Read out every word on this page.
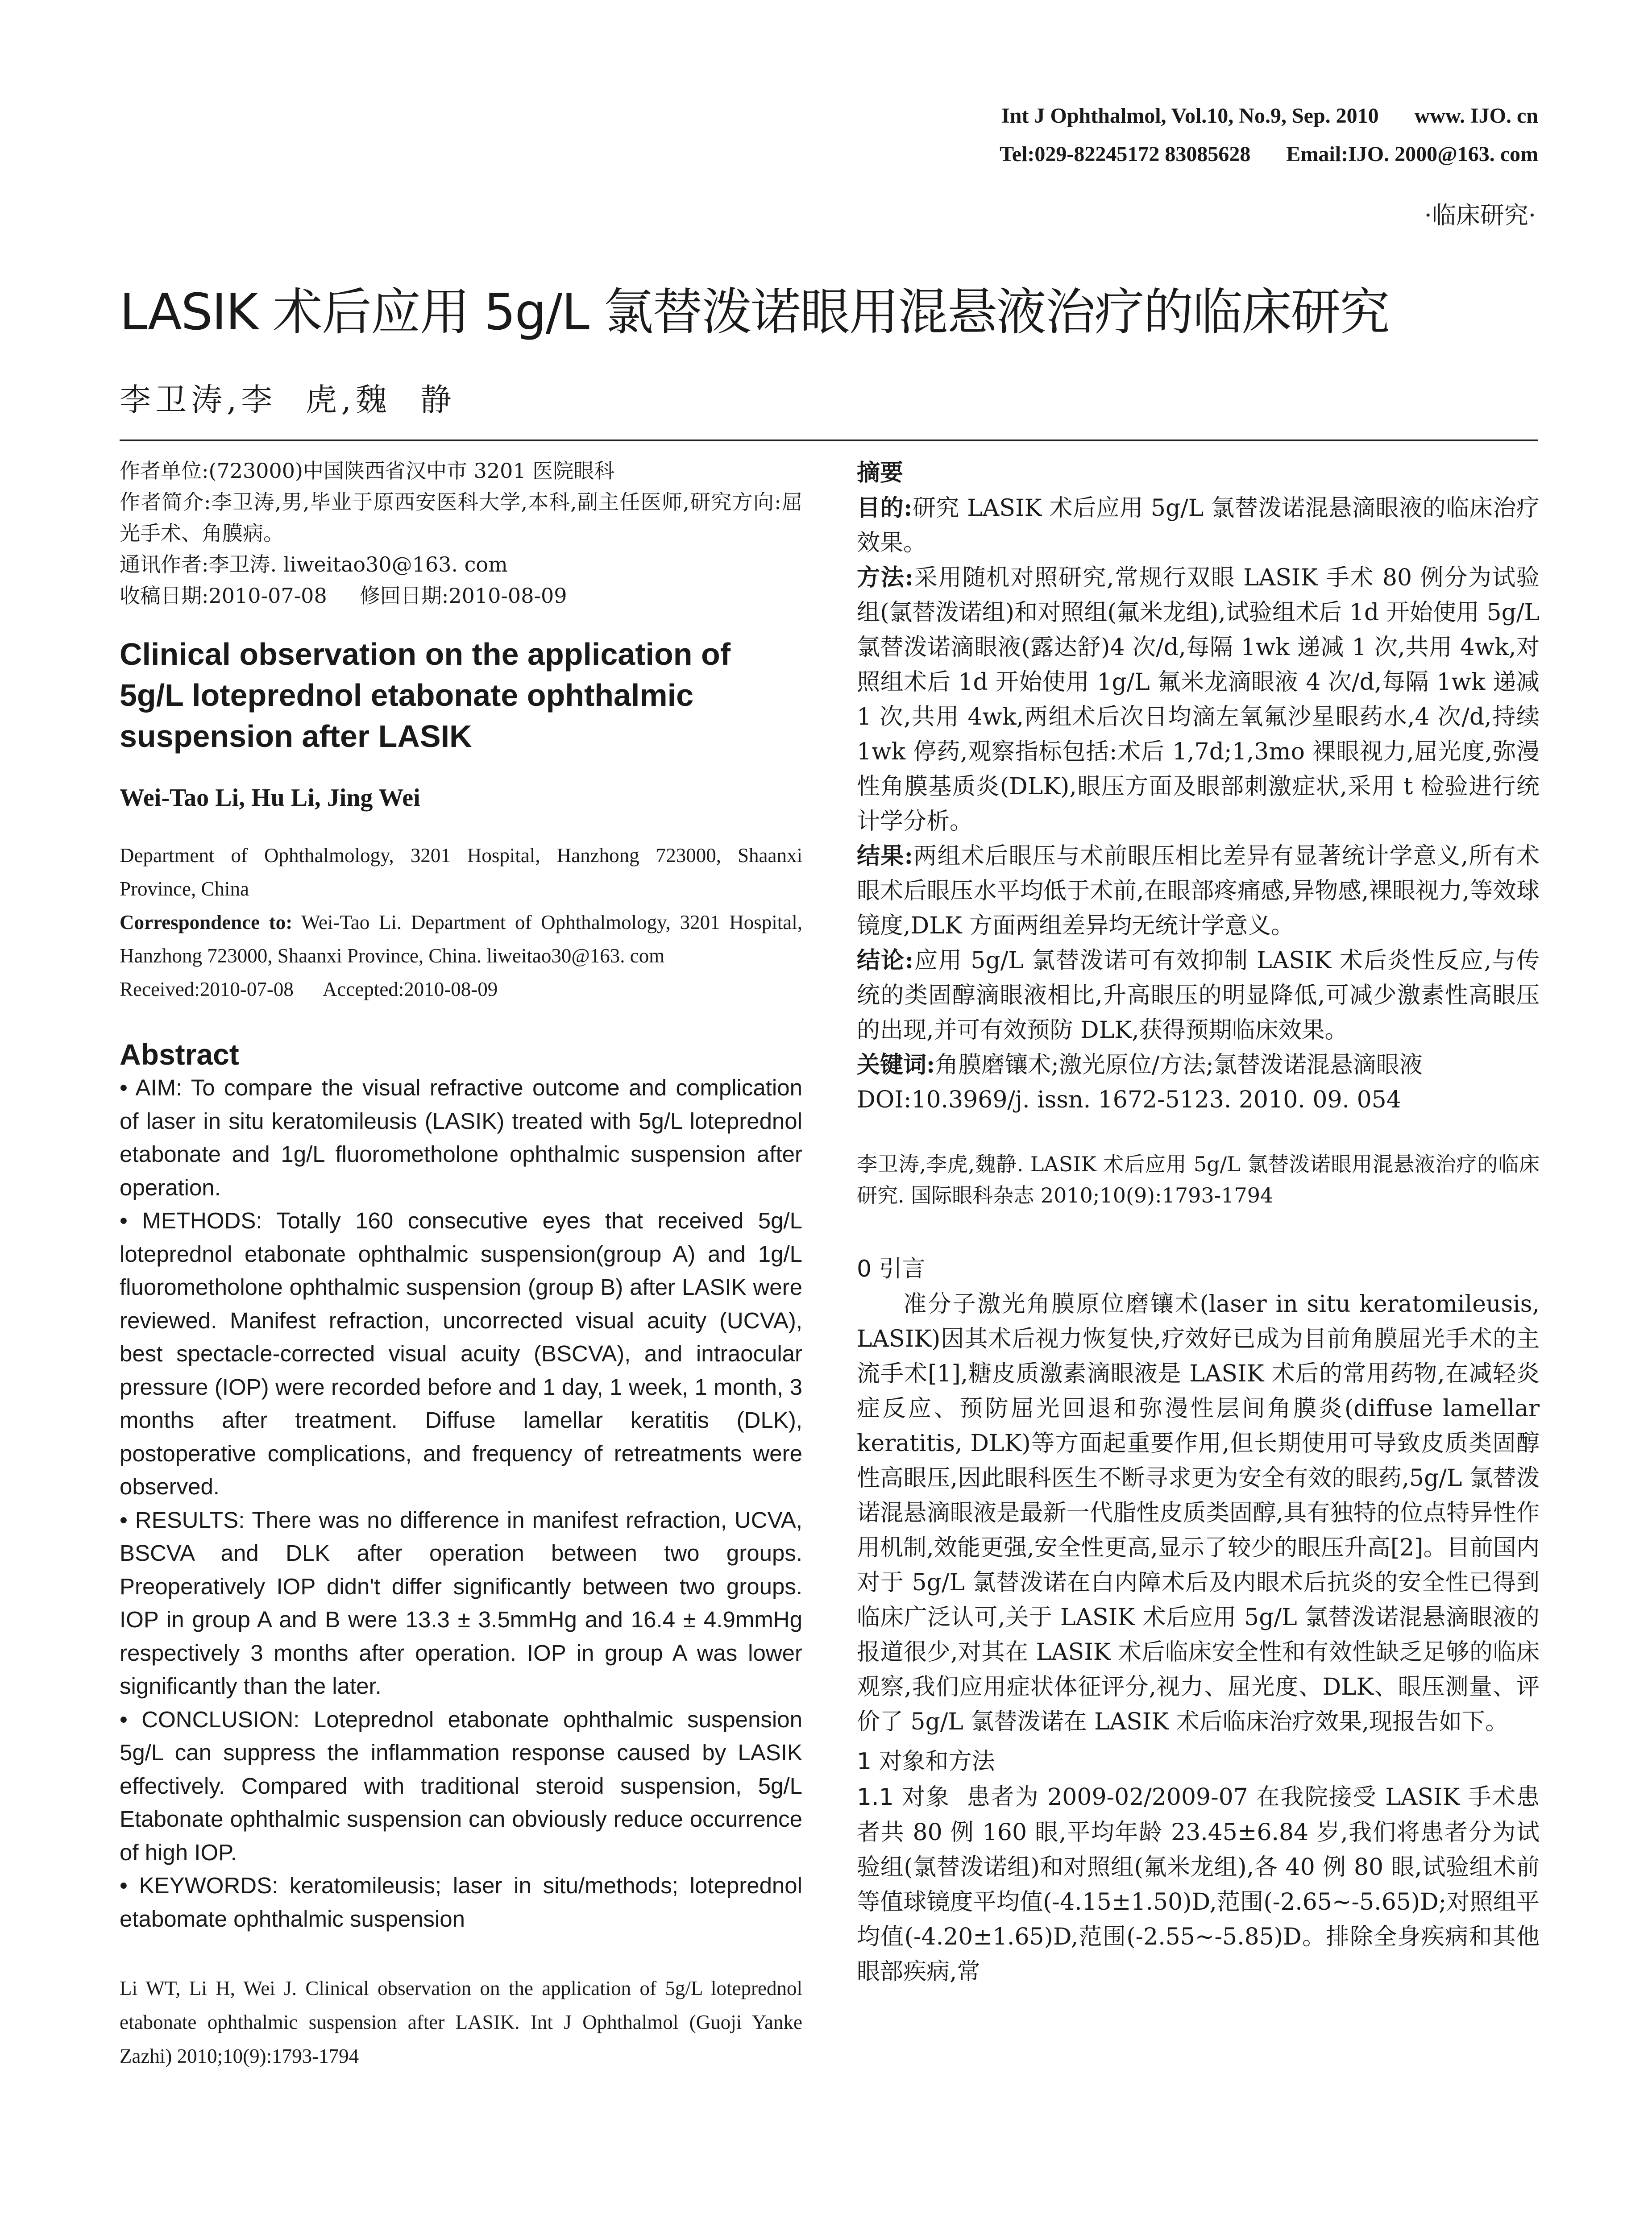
Int J Ophthalmol, Vol.10, No.9, Sep. 2010 www. IJO. cn
Tel:029-82245172 83085628 Email:IJO. 2000@163. com
·临床研究·
LASIK 术后应用 5g/L 氯替泼诺眼用混悬液治疗的临床研究
李卫涛,李  虎,魏  静
作者单位:(723000)中国陕西省汉中市 3201 医院眼科
作者简介:李卫涛,男,毕业于原西安医科大学,本科,副主任医师,研究方向:屈光手术、角膜病。
通讯作者:李卫涛. liweitao30@163. com
收稿日期:2010-07-08     修回日期:2010-08-09
Clinical observation on the application of 5g/L loteprednol etabonate ophthalmic suspension after LASIK
Wei-Tao Li, Hu Li, Jing Wei
Department of Ophthalmology, 3201 Hospital, Hanzhong 723000, Shaanxi Province, China
Correspondence to: Wei-Tao Li. Department of Ophthalmology, 3201 Hospital, Hanzhong 723000, Shaanxi Province, China. liweitao30@163. com
Received:2010-07-08      Accepted:2010-08-09
Abstract

• AIM: To compare the visual refractive outcome and complication of laser in situ keratomileusis (LASIK) treated with 5g/L loteprednol etabonate and 1g/L fluorometholone ophthalmic suspension after operation.

• METHODS: Totally 160 consecutive eyes that received 5g/L loteprednol etabonate ophthalmic suspension(group A) and 1g/L fluorometholone ophthalmic suspension (group B) after LASIK were reviewed. Manifest refraction, uncorrected visual acuity (UCVA), best spectacle-corrected visual acuity (BSCVA), and intraocular pressure (IOP) were recorded before and 1 day, 1 week, 1 month, 3 months after treatment. Diffuse lamellar keratitis (DLK), postoperative complications, and frequency of retreatments were observed.

• RESULTS: There was no difference in manifest refraction, UCVA, BSCVA and DLK after operation between two groups. Preoperatively IOP didn't differ significantly between two groups. IOP in group A and B were 13.3 ± 3.5mmHg and 16.4 ± 4.9mmHg respectively 3 months after operation. IOP in group A was lower significantly than the later.

• CONCLUSION: Loteprednol etabonate ophthalmic suspension 5g/L can suppress the inflammation response caused by LASIK effectively. Compared with traditional steroid suspension, 5g/L Etabonate ophthalmic suspension can obviously reduce occurrence of high IOP.

• KEYWORDS: keratomileusis; laser in situ/methods; loteprednol etabomate ophthalmic suspension

Li WT, Li H, Wei J. Clinical observation on the application of 5g/L loteprednol etabonate ophthalmic suspension after LASIK. Int J Ophthalmol (Guoji Yanke Zazhi) 2010;10(9):1793-1794
摘要
目的:研究 LASIK 术后应用 5g/L 氯替泼诺混悬滴眼液的临床治疗效果。
方法:采用随机对照研究,常规行双眼 LASIK 手术 80 例分为试验组(氯替泼诺组)和对照组(氟米龙组),试验组术后 1d 开始使用 5g/L 氯替泼诺滴眼液(露达舒)4 次/d,每隔 1wk 递减 1 次,共用 4wk,对照组术后 1d 开始使用 1g/L 氟米龙滴眼液 4 次/d,每隔 1wk 递减 1 次,共用 4wk,两组术后次日均滴左氧氟沙星眼药水,4 次/d,持续 1wk 停药,观察指标包括:术后 1,7d;1,3mo 裸眼视力,屈光度,弥漫性角膜基质炎(DLK),眼压方面及眼部刺激症状,采用 t 检验进行统计学分析。
结果:两组术后眼压与术前眼压相比差异有显著统计学意义,所有术眼术后眼压水平均低于术前,在眼部疼痛感,异物感,裸眼视力,等效球镜度,DLK 方面两组差异均无统计学意义。
结论:应用 5g/L 氯替泼诺可有效抑制 LASIK 术后炎性反应,与传统的类固醇滴眼液相比,升高眼压的明显降低,可减少激素性高眼压的出现,并可有效预防 DLK,获得预期临床效果。
关键词:角膜磨镶术;激光原位/方法;氯替泼诺混悬滴眼液
DOI:10.3969/j. issn. 1672-5123. 2010. 09. 054
李卫涛,李虎,魏静. LASIK 术后应用 5g/L 氯替泼诺眼用混悬液治疗的临床研究. 国际眼科杂志 2010;10(9):1793-1794
0 引言
准分子激光角膜原位磨镶术(laser in situ keratomileusis, LASIK)因其术后视力恢复快,疗效好已成为目前角膜屈光手术的主流手术[1],糖皮质激素滴眼液是 LASIK 术后的常用药物,在减轻炎症反应、预防屈光回退和弥漫性层间角膜炎(diffuse lamellar keratitis, DLK)等方面起重要作用,但长期使用可导致皮质类固醇性高眼压,因此眼科医生不断寻求更为安全有效的眼药,5g/L 氯替泼诺混悬滴眼液是最新一代脂性皮质类固醇,具有独特的位点特异性作用机制,效能更强,安全性更高,显示了较少的眼压升高[2]。目前国内对于 5g/L 氯替泼诺在白内障术后及内眼术后抗炎的安全性已得到临床广泛认可,关于 LASIK 术后应用 5g/L 氯替泼诺混悬滴眼液的报道很少,对其在 LASIK 术后临床安全性和有效性缺乏足够的临床观察,我们应用症状体征评分,视力、屈光度、DLK、眼压测量、评价了 5g/L 氯替泼诺在 LASIK 术后临床治疗效果,现报告如下。
1 对象和方法
1.1 对象 患者为 2009-02/2009-07 在我院接受 LASIK 手术患者共 80 例 160 眼,平均年龄 23.45±6.84 岁,我们将患者分为试验组(氯替泼诺组)和对照组(氟米龙组),各 40 例 80 眼,试验组术前等值球镜度平均值(-4.15±1.50)D,范围(-2.65~-5.65)D;对照组平均值(-4.20±1.65)D,范围(-2.55~-5.85)D。排除全身疾病和其他眼部疾病,常
